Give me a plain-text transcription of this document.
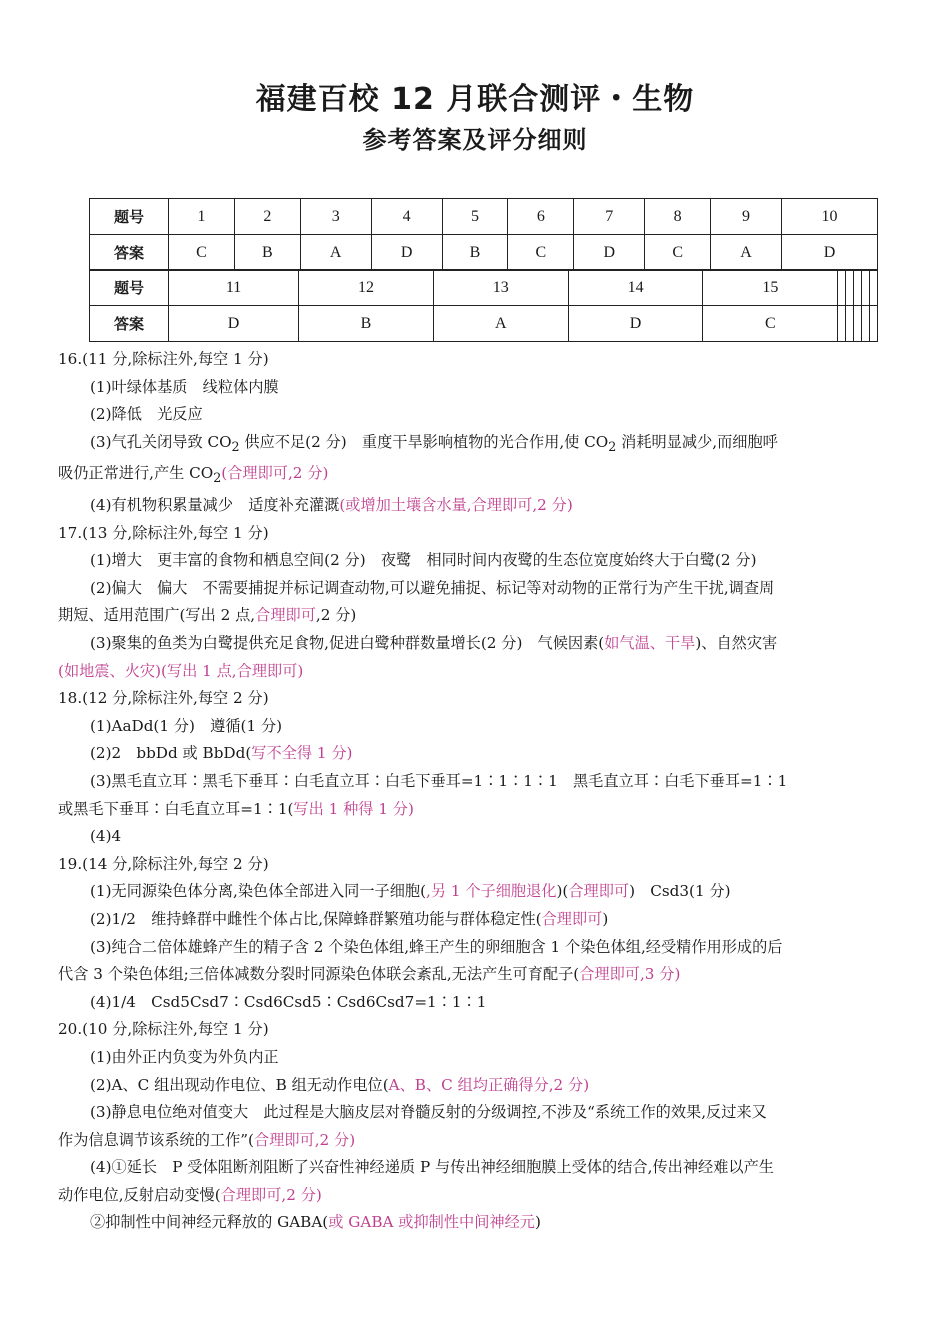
福建百校 12 月联合测评・生物
参考答案及评分细则
题号	1	2	3	4	5	6	7	8	9	10
答案	C	B	A	D	B	C	D	C	A	D
题号	11	12	13	14	15					
答案	D	B	A	D	C					
16.(11 分,除标注外,每空 1 分)
(1)叶绿体基质　线粒体内膜
(2)降低　光反应
(3)气孔关闭导致 $CO_2$ 供应不足(2 分)　重度干旱影响植物的光合作用,使 $CO_2$ 消耗明显减少,而细胞呼
吸仍正常进行,产生 $CO_2$(合理即可,2 分)
(4)有机物积累量减少　适度补充灌溉(或增加土壤含水量,合理即可,2 分)
17.(13 分,除标注外,每空 1 分)
(1)增大　更丰富的食物和栖息空间(2 分)　夜鹭　相同时间内夜鹭的生态位宽度始终大于白鹭(2 分)
(2)偏大　偏大　不需要捕捉并标记调查动物,可以避免捕捉、标记等对动物的正常行为产生干扰,调查周
期短、适用范围广(写出 2 点,合理即可,2 分)
(3)聚集的鱼类为白鹭提供充足食物,促进白鹭种群数量增长(2 分)　气候因素(如气温、干旱)、自然灾害
(如地震、火灾)(写出 1 点,合理即可)
18.(12 分,除标注外,每空 2 分)
(1)AaDd(1 分)　遵循(1 分)
(2)2　bbDd 或 BbDd(写不全得 1 分)
(3)黑毛直立耳∶黑毛下垂耳∶白毛直立耳∶白毛下垂耳=1∶1∶1∶1　黑毛直立耳∶白毛下垂耳=1∶1
或黑毛下垂耳∶白毛直立耳=1∶1(写出 1 种得 1 分)
(4)4
19.(14 分,除标注外,每空 2 分)
(1)无同源染色体分离,染色体全部进入同一子细胞(,另 1 个子细胞退化)(合理即可)　Csd3(1 分)
(2)1/2　维持蜂群中雌性个体占比,保障蜂群繁殖功能与群体稳定性(合理即可)
(3)纯合二倍体雄蜂产生的精子含 2 个染色体组,蜂王产生的卵细胞含 1 个染色体组,经受精作用形成的后
代含 3 个染色体组;三倍体减数分裂时同源染色体联会紊乱,无法产生可育配子(合理即可,3 分)
(4)1/4　Csd5Csd7∶Csd6Csd5∶Csd6Csd7=1∶1∶1
20.(10 分,除标注外,每空 1 分)
(1)由外正内负变为外负内正
(2)A、C 组出现动作电位、B 组无动作电位(A、B、C 组均正确得分,2 分)
(3)静息电位绝对值变大　此过程是大脑皮层对脊髓反射的分级调控,不涉及“系统工作的效果,反过来又
作为信息调节该系统的工作”(合理即可,2 分)
(4)①延长　P 受体阻断剂阻断了兴奋性神经递质 P 与传出神经细胞膜上受体的结合,传出神经难以产生
动作电位,反射启动变慢(合理即可,2 分)
②抑制性中间神经元释放的 GABA(或 GABA 或抑制性中间神经元)
